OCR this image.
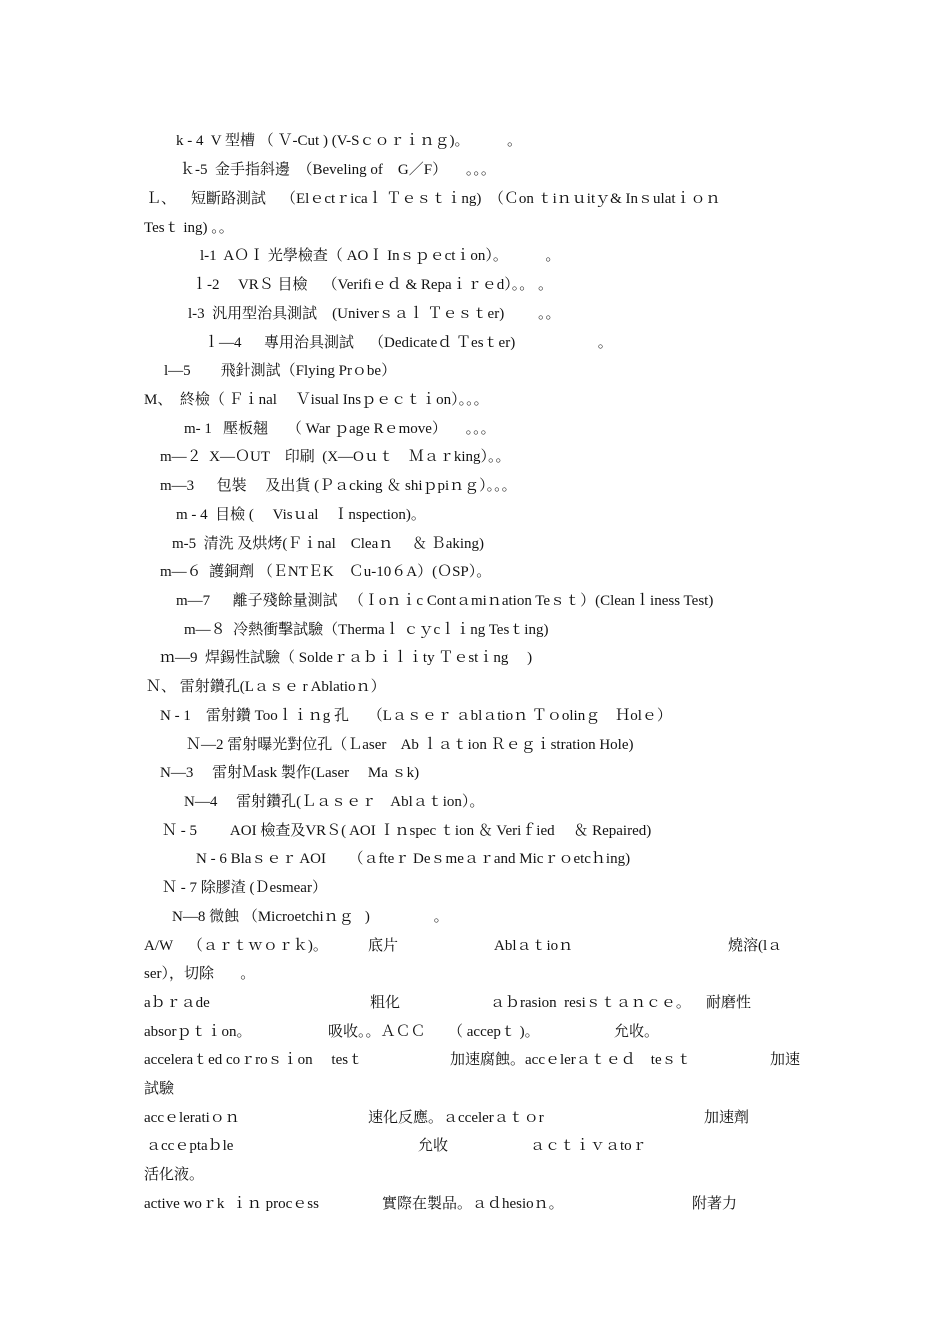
k - 4  V 型槽 （ Ｖ-Cut ) (V-Sｃｏｒｉｎｇ)。          。
ｋ-5  金手指斜邊  （Beveling of    G／F）     。。。
Ｌ、    短斷路測試    （Elｅctｒicaｌ Ｔｅｓｔｉng)  （Ｃon ｔiｎｕitｙ& Inｓulatｉｏｎ
Tesｔ ing) 。。
l-1  AＯＩ 光學檢查（ AOＩ Inｓｐｅctｉon）。          。
ｌ-2     VRＳ 目檢    （Verifiｅｄ & Repaｉｒｅd）。。 。
l-3  汎用型治具測試    (Univerｓａｌ Ｔｅｓｔer)         。。
ｌ—4      專用治具測試    （Dedicateｄ Ｔesｔer)                      。
l—5        飛針測試（Flying Prｏbe）
M、  終檢（ Ｆｉnal     Ｖisual Insｐｅｃｔｉon）。。。
m- 1   壓板翹     （ War ｐage Rｅmove）     。。。
m—２  X—ＯUT    印刷  (X—Oｕｔ    Ｍａｒking）。。
m—3      包裝     及出貨 (Ｐａcking ＆ shiｐpiｎｇ）。。。
m - 4  目檢 (     Visｕal    Ｉnspection)。
m-5  清洗 及烘烤(Ｆｉnal    Cleaｎ     ＆ Ｂaking)
m—６  護銅劑 （ＥNTＥK    Ｃu-10６A）(ＯSP）。
m—7      離子殘餘量測試   （Ｉoｎｉc Contａmiｎation Teｓｔ）(Cleanｌiness Test)
m—８  冷熱衝擊試驗（Thermaｌ ｃｙcｌｉng Tesｔing)
ｍ—9  焊錫性試驗（ Soldeｒａｂｉｌｉty Ｔｅstｉng     )
Ｎ、 雷射鑽孔(Lａｓｅ r Ablatioｎ）
N - 1    雷射鑽 Tooｌｉｎg 孔     （Lａｓｅｒ ａblａtioｎ Ｔｏolinｇ    Ｈolｅ）
Ｎ—2 雷射曝光對位孔（Ｌaser    Ab ｌａｔion Ｒｅｇｉstration Hole)
N—3     雷射Ｍask 製作(Laser     Ma ｓk)
N—4     雷射鑽孔(Ｌａｓｅｒ    Ablａｔion）。
Ｎ - 5         AOI 檢查及VRＳ( AOI Ｉｎspec ｔion ＆ Veriｆied     ＆ Repaired)
N - 6 Blaｓｅｒ AOI      （ａfteｒ Deｓmeａｒand Micｒｏetcｈing)
Ｎ - 7 除膠渣 (Ｄesmear）
N—8 微蝕 （Microetchiｎｇ   )                 。
A/W    （ａｒｔｗｏｒｋ)。	底片	Ablａｔioｎ	燒溶(lａ
ser），切除       。
aｂｒａde	粗化	ａｂrasion  resiｓｔａｎｃｅ。 耐磨性
absorｐｔｉon。	吸收。。ＡＣＣ （ accepｔ )。	允收。
acceleraｔed coｒroｓｉon     tesｔ	加速腐蝕。accｅlerａｔｅｄ    teｓｔ	加速
試驗
accｅleratiｏｎ	速化反應。ａccelerａｔｏr	加速劑
ａccｅptaｂle	允收	ａｃｔｉｖａtoｒ
活化液。
active woｒk  ｉｎ procｅss	實際在製品。ａｄhesioｎ。	附著力
